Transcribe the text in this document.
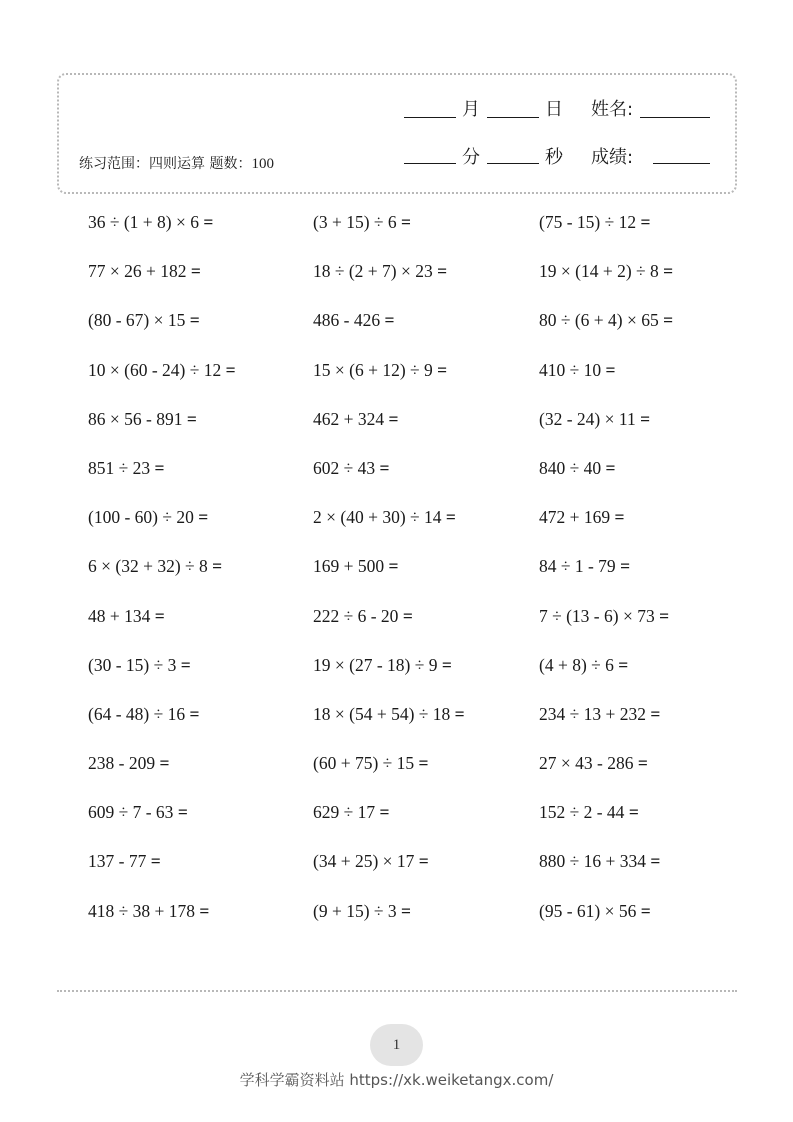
月	日 姓名:
分	秒 成绩:
练习范围：四则运算 题数：100
36 ÷ (1 + 8) × 6 =	(3 + 15) ÷ 6 =	(75 - 15) ÷ 12 =
77 × 26 + 182 =	18 ÷ (2 + 7) × 23 =	19 × (14 + 2) ÷ 8 =
(80 - 67) × 15 =	486 - 426 =	80 ÷ (6 + 4) × 65 =
10 × (60 - 24) ÷ 12 =	15 × (6 + 12) ÷ 9 =	410 ÷ 10 =
86 × 56 - 891 =	462 + 324 =	(32 - 24) × 11 =
851 ÷ 23 =	602 ÷ 43 =	840 ÷ 40 =
(100 - 60) ÷ 20 =	2 × (40 + 30) ÷ 14 =	472 + 169 =
6 × (32 + 32) ÷ 8 =	169 + 500 =	84 ÷ 1 - 79 =
48 + 134 =	222 ÷ 6 - 20 =	7 ÷ (13 - 6) × 73 =
(30 - 15) ÷ 3 =	19 × (27 - 18) ÷ 9 =	(4 + 8) ÷ 6 =
(64 - 48) ÷ 16 =	18 × (54 + 54) ÷ 18 =	234 ÷ 13 + 232 =
238 - 209 =	(60 + 75) ÷ 15 =	27 × 43 - 286 =
609 ÷ 7 - 63 =	629 ÷ 17 =	152 ÷ 2 - 44 =
137 - 77 =	(34 + 25) × 17 =	880 ÷ 16 + 334 =
418 ÷ 38 + 178 =	(9 + 15) ÷ 3 =	(95 - 61) × 56 =
1
学科学霸资料站 https://xk.weiketangx.com/
